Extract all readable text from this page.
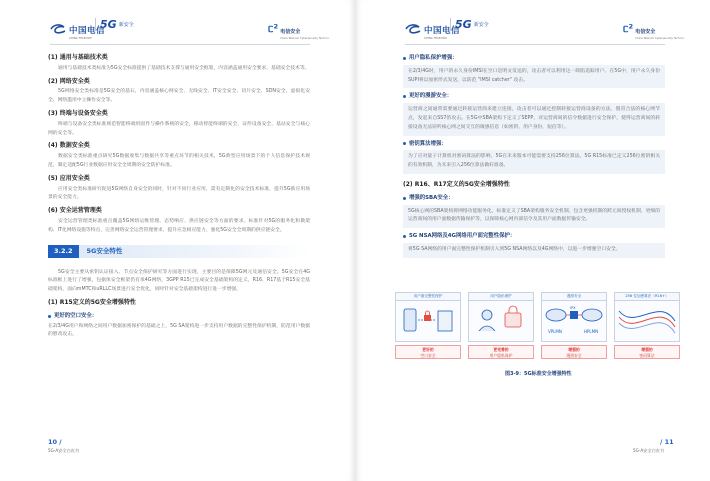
中国电信
CHINA TELECOM
5G 新安全	ᥴ² 电信安全
China Telecom Cybersecurity Tech.Co.
(1) 通用与基础技术类
通用与基础技术类标准为5G安全标准提供了基础技术支撑与通用安全框架，内容涵盖通用安全要求、基础安全技术等。
(2) 网络安全类
5G网络安全类标准是5G安全的基石，内容涵盖核心网安全、无线安全、IT安全安全、切片安全、SDN安全、虚拟化安全、网络滥用中立操作安全等。
(3) 终端与设备安全类
终端与设备安全类标准规范智能终端用固件与操作系统的安全，移动智能终端的安全、证件设备安全、基站安全与核心网的安全等。
(4) 数据安全类
数据安全类标准重点研究5G数据收集与数据共享等重点环节的相关技术，5G典型应用场景下的个人信息保护技术规范，制定适配5G行业数据应用安全全周期的安全防护标准。
(5) 应用安全类
应用安全类标准研究促进5G网络自身安全的同时，针对不同行业应用，需有定制化的安全技术标准，提升5G新应用场景的安全能力。
(6) 安全运营管理类
安全运营管理类标准重点覆盖5G网络运维管理、态势响应、供应链安全等方面的要求。标准针对5G的服务化和微架构、IT化网络设施等特点，完善网络安全运营管理要求，提升应急相应能力，强化5G安全全周期的供应链安全。
3.2.2	5G安全特性
5G安全主要从密钥认证接入、节点安全保护研究等方面进行实现，主要目的是保障5G网元及通信安全。5G安全在4G标准框上进行了增强，包据体安全框架仍有承4G网络，3GPP R15已完成安全基础架构的定义，R16、R17基于R15安全基础架构，面向mMTC和uRLLC场景进行安全优化，同时针对安全基础架构进行进一步增强。
(1) R15定义的5G安全增强特性
更好的空口安全：
在2/3/4G用户和网络之间用户数据加密保护的基础之上，5G SA架构进一步支持用户数据的完整性保护机制，防范用户数据的篡改攻击。
10 /
5G-A安全白皮书
中国电信
CHINA TELECOM
5G 新安全	ᥴ² 电信安全
China Telecom Cybersecurity Tech.Co.
用户隐私保护增强：
在2/3/4G时，用户的永久身份IMSI在空口是明文发送的，攻击者可以利用这一缺陷追踪用户。在5G中，用户永久身份SUPI将以加密形式发送，以防范 "IMSI catcher" 攻击。
更好的漫游安全：
运营商之间通常需要通过转接运营商来建立连接，攻击者可以通过控制转接运营商设备的方法，假冒合法的核心网节点，发起来自SS7的攻击。在5G中SBA架构下定义了SEPP，对运营商间的信令数据进行安全保护，使得运营商间的转接设备无法窃听核心网之间交互的敏感信息（如密钥、用户身份、短信等）。
密钥算法增强：
为了应对量子计算机对密码算法的影响，5G在未来版本可能需要支持256位算法。5G R15标准已定义256位密钥相关的有效机制，为未来引入256位算法做好准备。
(2) R16、R17定义的5G安全增强特性
增强的SBA安全：
5G核心网的SBA架构将网络功能服务化，标准定义了SBA架构服务安全机制，包含更强机制的跨元间授权机制、更细的运营商间的用户面数据传输保护等，以保障核心网内部信令及其用户面数据传输安全。
5G NSA网络及4G网络用户面完整性保护：
将5G SA网络的用户面完整性保护机制引入到5G NSA网络以及4G网络中，以进一步增强空口安全。
用户面完整性保护
更好的
空口安全
用户隐私保护
更完善的
用户隐私保护
漫游安全
VPLMN	HPLMN
IPX
增强的
漫游安全
256 位加密算法（R16+）
增强的
密码算法
图3-9：5G标准安全增强特性
/ 11
5G-A安全白皮书
